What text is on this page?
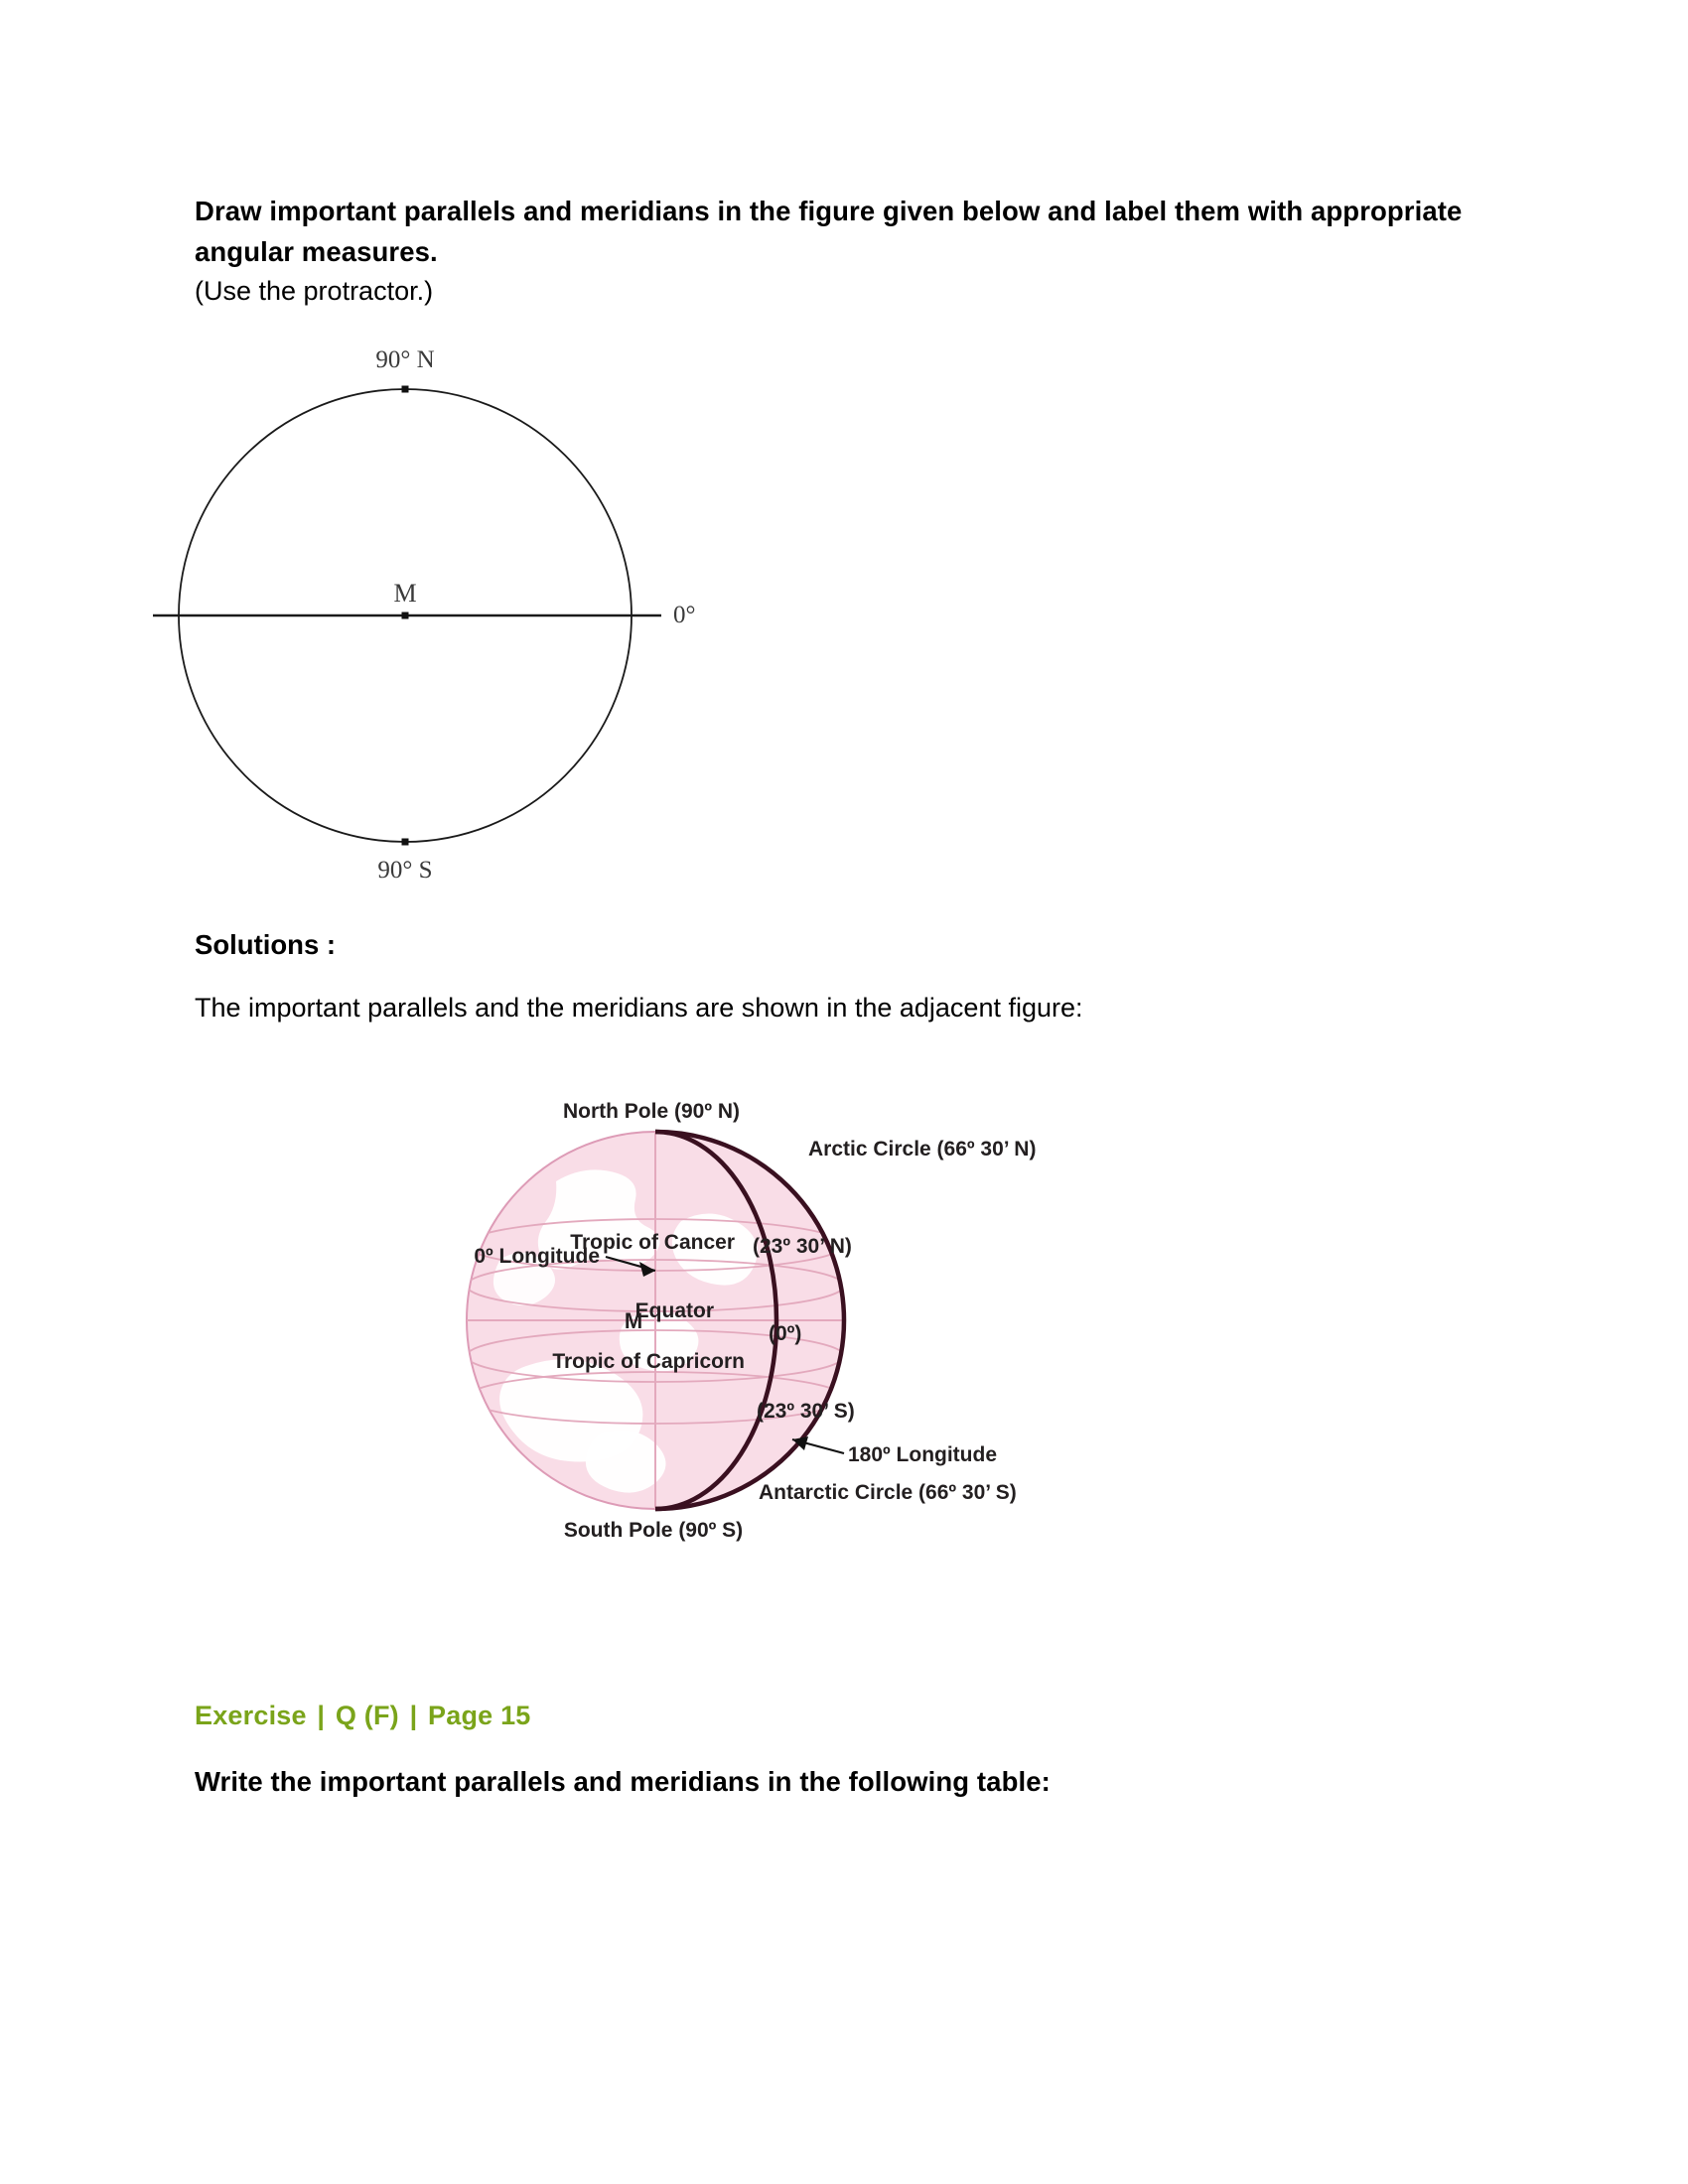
Draw important parallels and meridians in the figure given below and label them with appropriate angular measures.
(Use the protractor.)
90° N
90° S
M
0°
Solutions :
The important parallels and the meridians are shown in the adjacent figure:
North Pole (90º N)
Arctic Circle (66º 30’ N)
Tropic of Cancer (23º 30’ N)
Equator
(0º)
Tropic of Capricorn
(23º 30’ S)
180º Longitude
Antarctic Circle (66º 30’ S)
South Pole (90º S)
0º Longitude
M
Exercise | Q (F) | Page 15
Write the important parallels and meridians in the following table:
